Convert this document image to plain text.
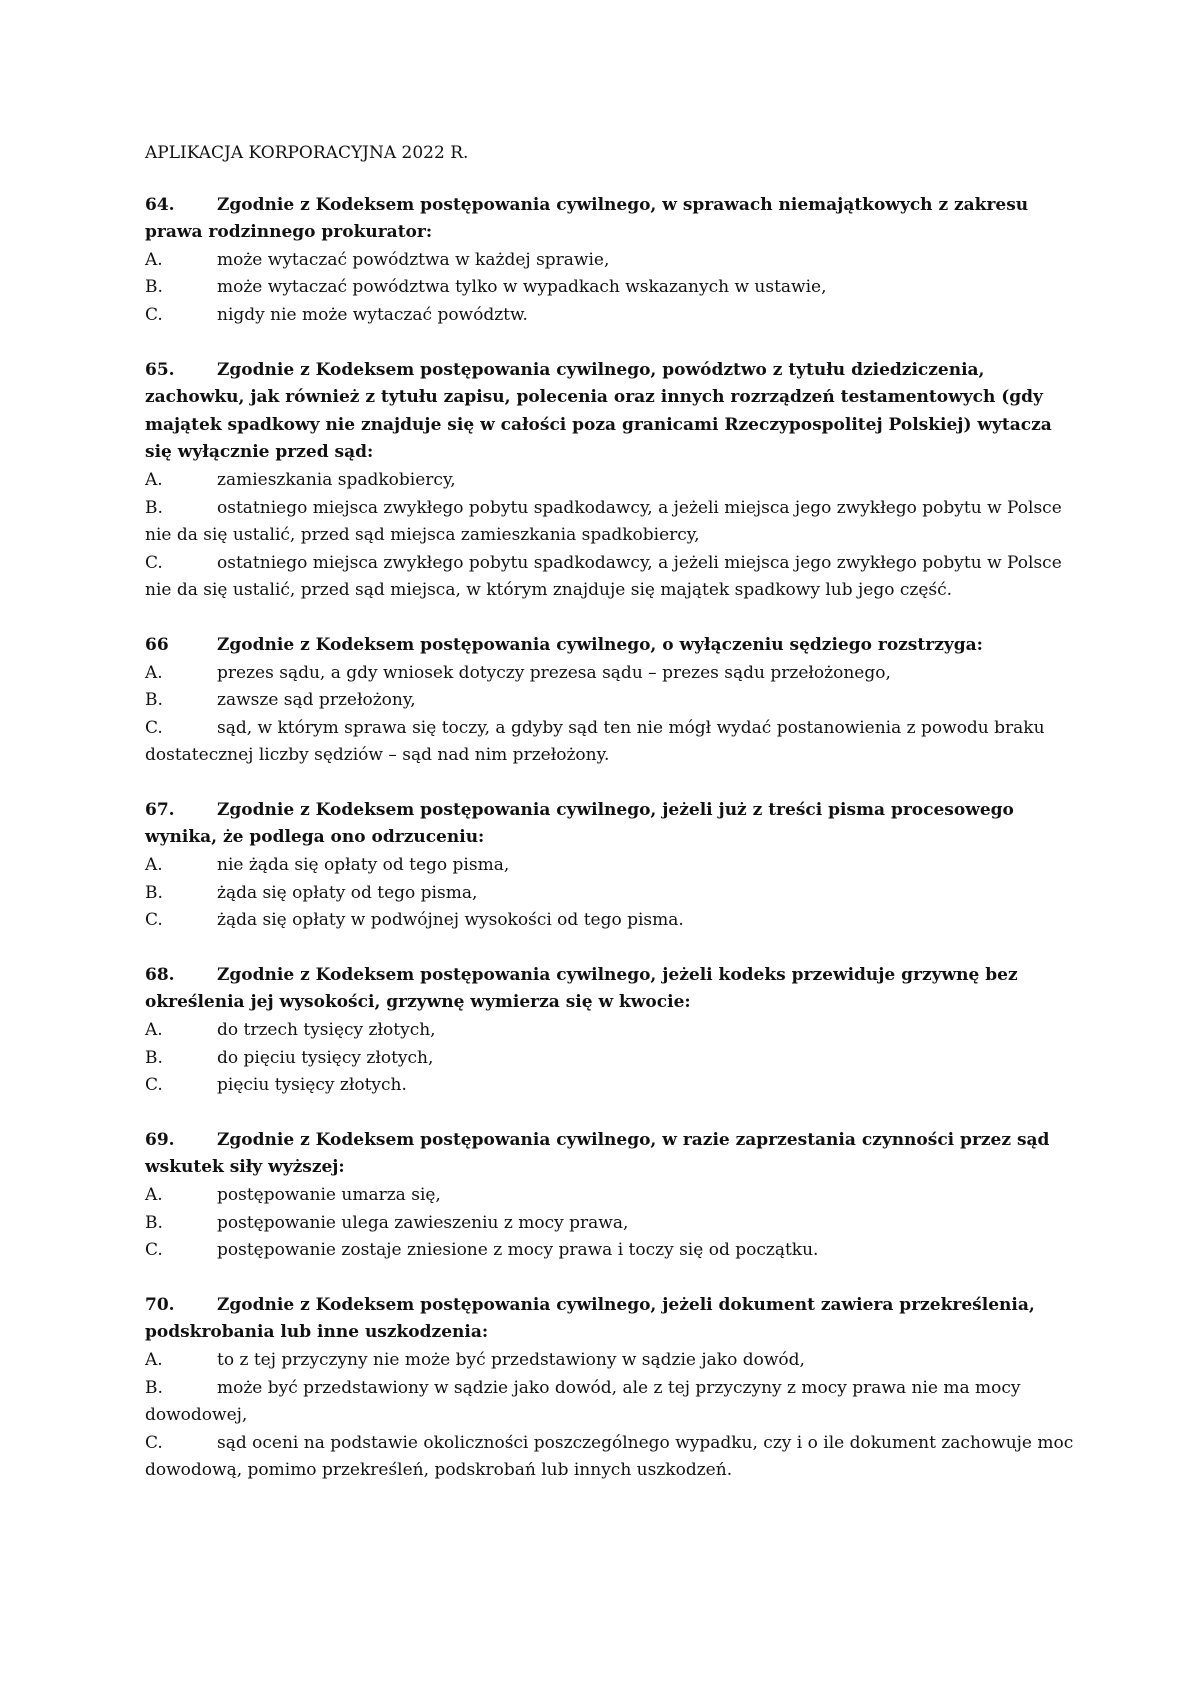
APLIKACJA KORPORACYJNA 2022 R.
64. Zgodnie z Kodeksem postępowania cywilnego, w sprawach niemajątkowych z zakresu prawa rodzinnego prokurator:
A.	może wytaczać powództwa w każdej sprawie,
B.	może wytaczać powództwa tylko w wypadkach wskazanych w ustawie,
C.	nigdy nie może wytaczać powództw.
65. Zgodnie z Kodeksem postępowania cywilnego, powództwo z tytułu dziedziczenia, zachowku, jak również z tytułu zapisu, polecenia oraz innych rozrządzeń testamentowych (gdy majątek spadkowy nie znajduje się w całości poza granicami Rzeczypospolitej Polskiej) wytacza się wyłącznie przed sąd:
A.	zamieszkania spadkobiercy,
B.	ostatniego miejsca zwykłego pobytu spadkodawcy, a jeżeli miejsca jego zwykłego pobytu w Polsce nie da się ustalić, przed sąd miejsca zamieszkania spadkobiercy,
C.	ostatniego miejsca zwykłego pobytu spadkodawcy, a jeżeli miejsca jego zwykłego pobytu w Polsce nie da się ustalić, przed sąd miejsca, w którym znajduje się majątek spadkowy lub jego część.
66	Zgodnie z Kodeksem postępowania cywilnego, o wyłączeniu sędziego rozstrzyga:
A.	prezes sądu, a gdy wniosek dotyczy prezesa sądu – prezes sądu przełożonego,
B.	zawsze sąd przełożony,
C.	sąd, w którym sprawa się toczy, a gdyby sąd ten nie mógł wydać postanowienia z powodu braku dostatecznej liczby sędziów – sąd nad nim przełożony.
67. Zgodnie z Kodeksem postępowania cywilnego, jeżeli już z treści pisma procesowego wynika, że podlega ono odrzuceniu:
A.	nie żąda się opłaty od tego pisma,
B.	żąda się opłaty od tego pisma,
C.	żąda się opłaty w podwójnej wysokości od tego pisma.
68. Zgodnie z Kodeksem postępowania cywilnego, jeżeli kodeks przewiduje grzywnę bez określenia jej wysokości, grzywnę wymierza się w kwocie:
A.	do trzech tysięcy złotych,
B.	do pięciu tysięcy złotych,
C.	pięciu tysięcy złotych.
69. Zgodnie z Kodeksem postępowania cywilnego, w razie zaprzestania czynności przez sąd wskutek siły wyższej:
A.	postępowanie umarza się,
B.	postępowanie ulega zawieszeniu z mocy prawa,
C.	postępowanie zostaje zniesione z mocy prawa i toczy się od początku.
70. Zgodnie z Kodeksem postępowania cywilnego, jeżeli dokument zawiera przekreślenia, podskrobania lub inne uszkodzenia:
A.	to z tej przyczyny nie może być przedstawiony w sądzie jako dowód,
B.	może być przedstawiony w sądzie jako dowód, ale z tej przyczyny z mocy prawa nie ma mocy dowodowej,
C.	sąd oceni na podstawie okoliczności poszczególnego wypadku, czy i o ile dokument zachowuje moc dowodową, pomimo przekreśleń, podskrobań lub innych uszkodzeń.
